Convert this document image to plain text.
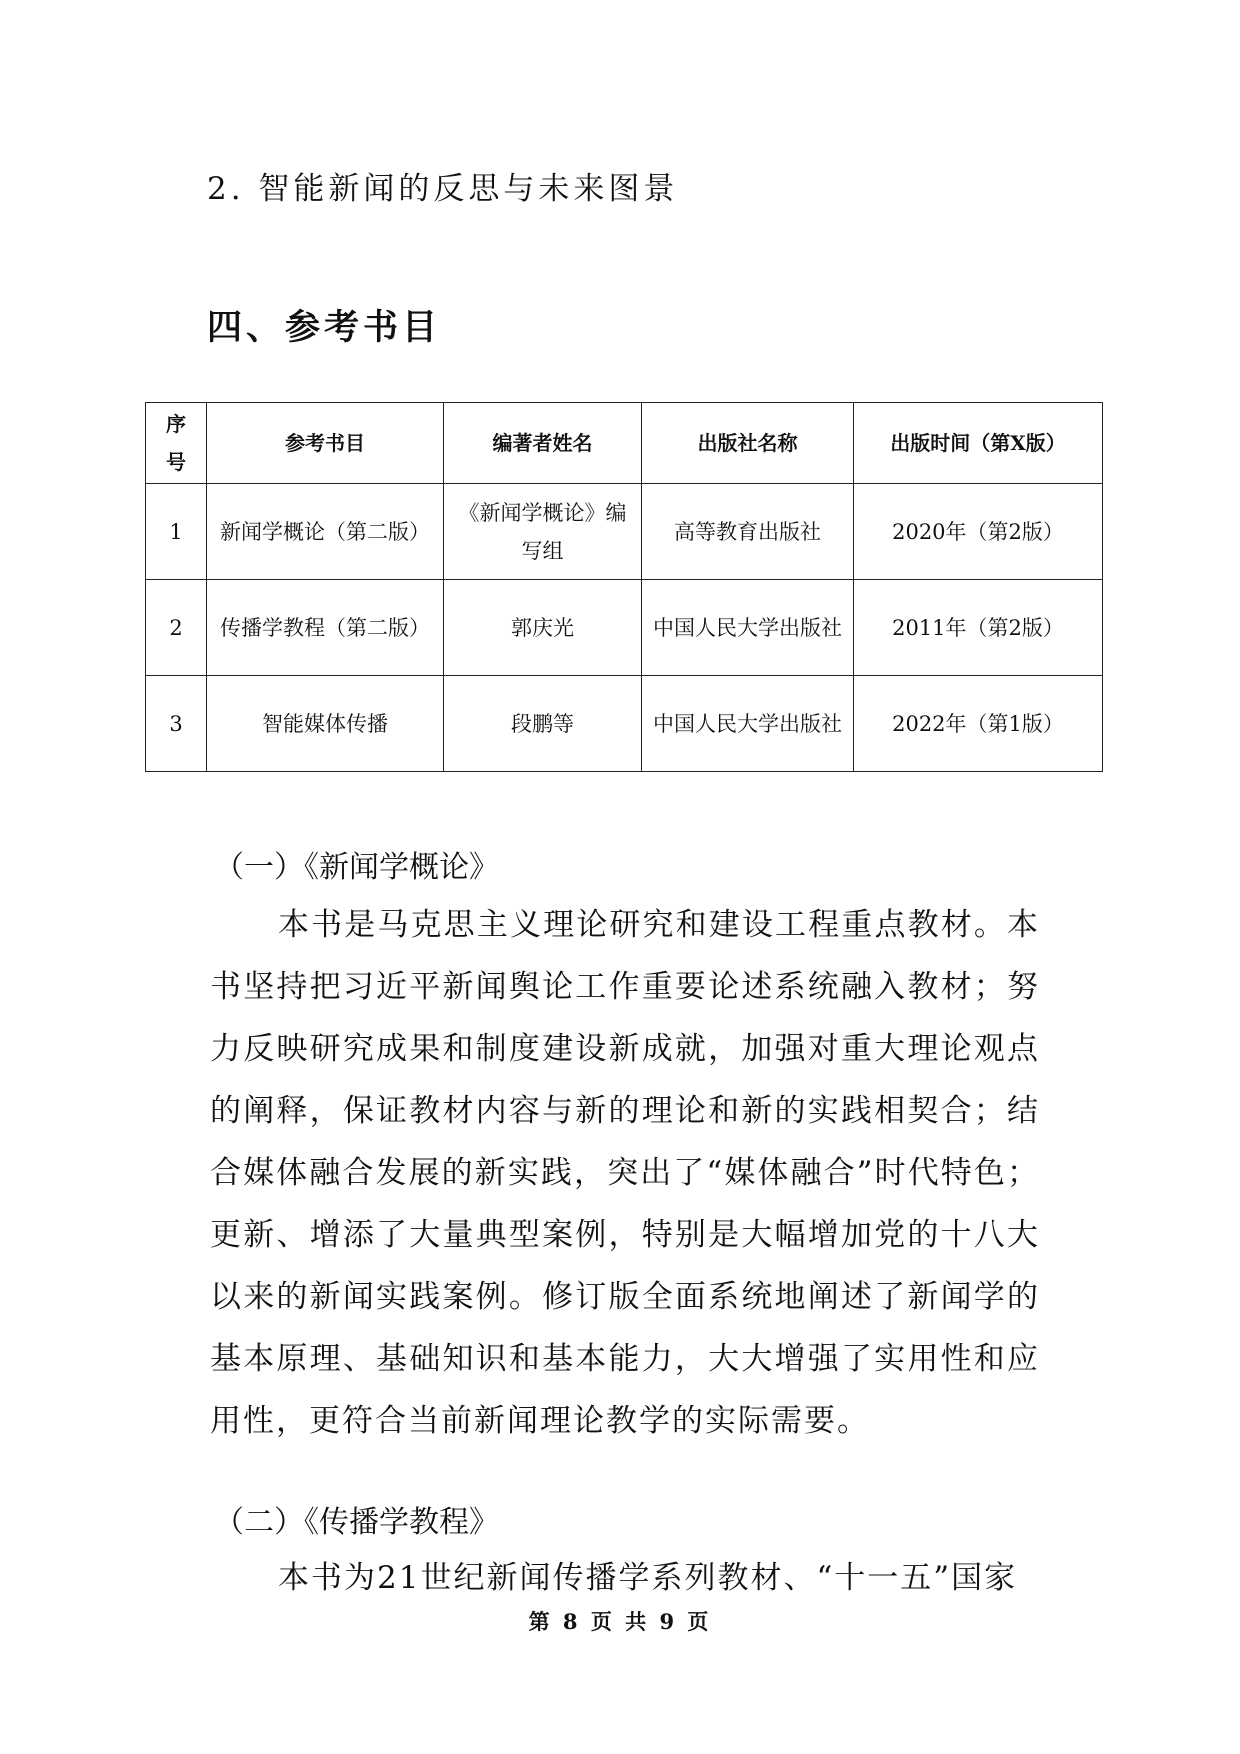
2. 智能新闻的反思与未来图景
四、参考书目
序号	参考书目	编著者姓名	出版社名称	出版时间（第X版）
1	新闻学概论（第二版）	《新闻学概论》编写组	高等教育出版社	2020年（第2版）
2	传播学教程（第二版）	郭庆光	中国人民大学出版社	2011年（第2版）
3	智能媒体传播	段鹏等	中国人民大学出版社	2022年（第1版）
（一）《新闻学概论》
本书是马克思主义理论研究和建设工程重点教材。本书坚持把习近平新闻舆论工作重要论述系统融入教材；努力反映研究成果和制度建设新成就，加强对重大理论观点的阐释，保证教材内容与新的理论和新的实践相契合；结合媒体融合发展的新实践，突出了“媒体融合”时代特色；更新、增添了大量典型案例，特别是大幅增加党的十八大以来的新闻实践案例。修订版全面系统地阐述了新闻学的基本原理、基础知识和基本能力，大大增强了实用性和应用性，更符合当前新闻理论教学的实际需要。
（二）《传播学教程》
本书为21世纪新闻传播学系列教材、“十一五”国家
第 8 页 共 9 页
